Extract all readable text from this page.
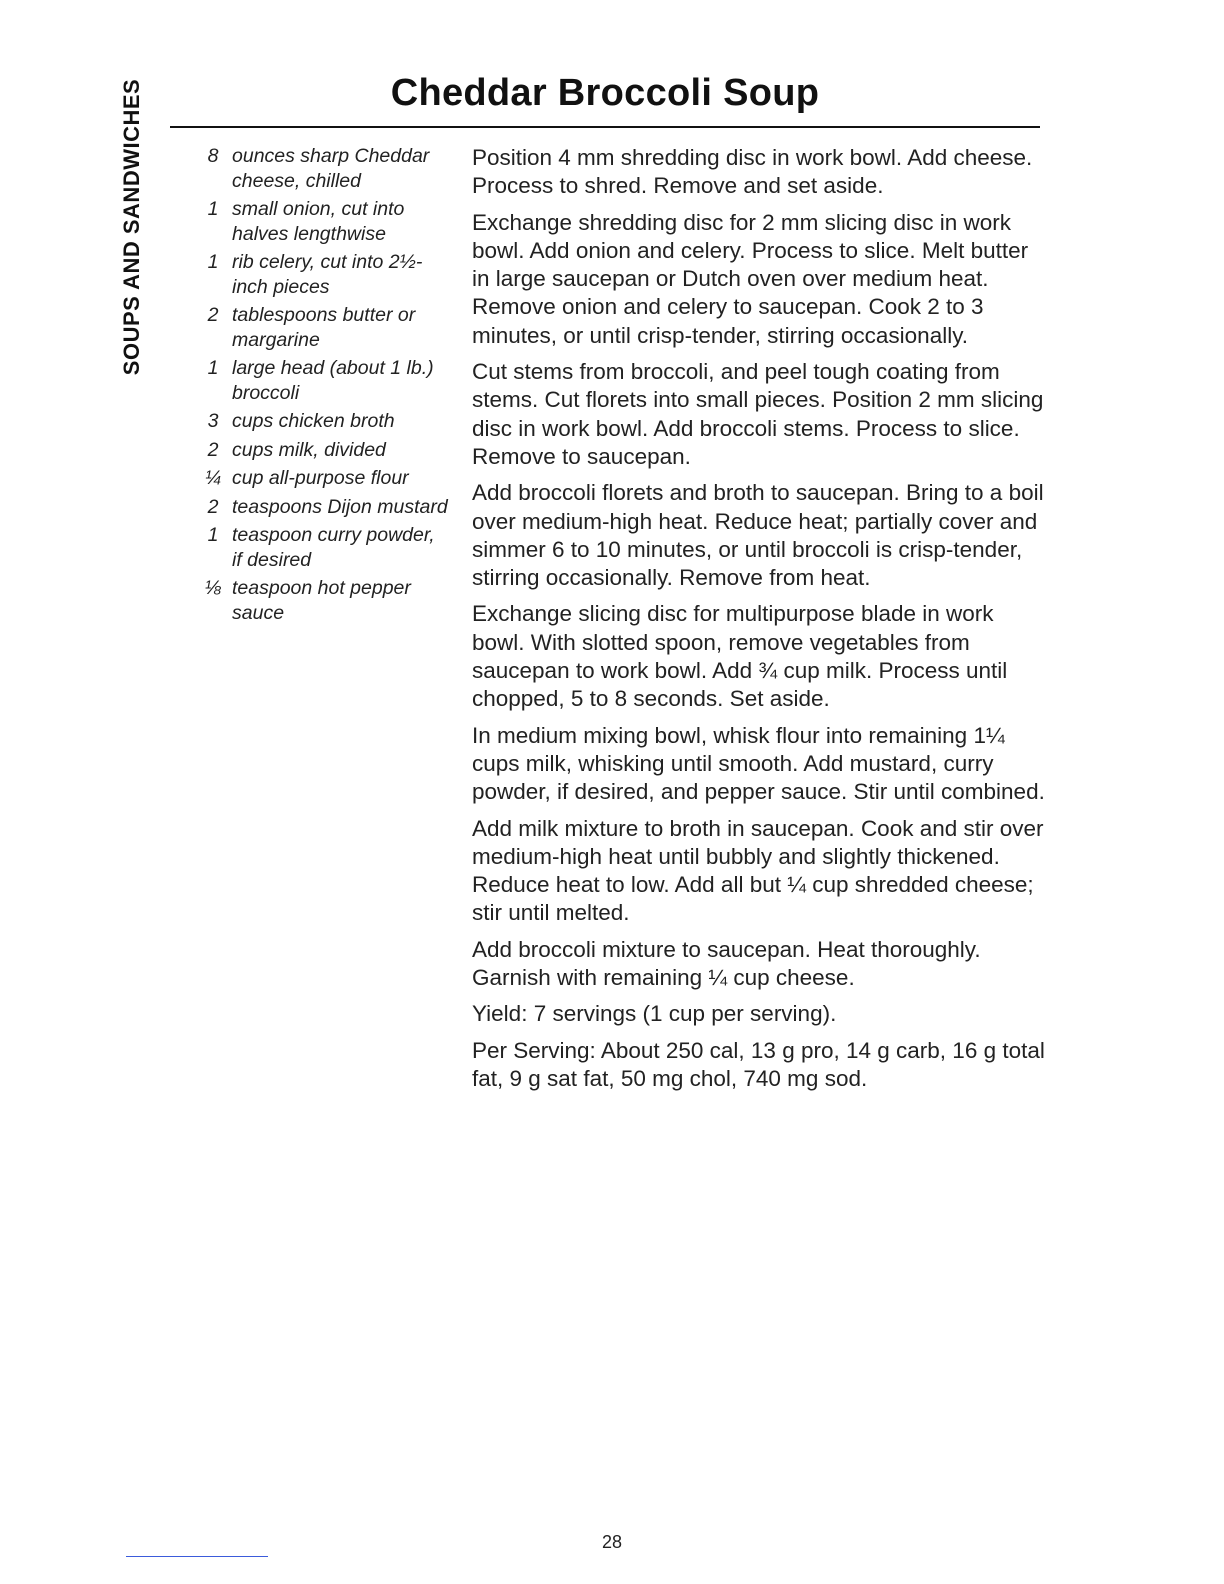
SOUPS AND SANDWICHES	Cheddar Broccoli Soup
8 ounces sharp Cheddar cheese, chilled
1 small onion, cut into halves lengthwise
1 rib celery, cut into 2½-inch pieces
2 tablespoons butter or margarine
1 large head (about 1 lb.) broccoli
3 cups chicken broth
2 cups milk, divided
¼ cup all-purpose flour
2 teaspoons Dijon mustard
1 teaspoon curry powder, if desired
⅛ teaspoon hot pepper sauce

Position 4 mm shredding disc in work bowl. Add cheese. Process to shred. Remove and set aside.

Exchange shredding disc for 2 mm slicing disc in work bowl. Add onion and celery. Process to slice. Melt butter in large saucepan or Dutch oven over medium heat. Remove onion and celery to saucepan. Cook 2 to 3 minutes, or until crisp-tender, stirring occasionally.

Cut stems from broccoli, and peel tough coating from stems. Cut florets into small pieces. Position 2 mm slicing disc in work bowl. Add broccoli stems. Process to slice. Remove to saucepan.

Add broccoli florets and broth to saucepan. Bring to a boil over medium-high heat. Reduce heat; partially cover and simmer 6 to 10 minutes, or until broccoli is crisp-tender, stirring occasionally. Remove from heat.

Exchange slicing disc for multipurpose blade in work bowl. With slotted spoon, remove vegetables from saucepan to work bowl. Add ¾ cup milk. Process until chopped, 5 to 8 seconds. Set aside.

In medium mixing bowl, whisk flour into remaining 1¼ cups milk, whisking until smooth. Add mustard, curry powder, if desired, and pepper sauce. Stir until combined.

Add milk mixture to broth in saucepan. Cook and stir over medium-high heat until bubbly and slightly thickened. Reduce heat to low. Add all but ¼ cup shredded cheese; stir until melted.

Add broccoli mixture to saucepan. Heat thoroughly. Garnish with remaining ¼ cup cheese.

Yield: 7 servings (1 cup per serving).

Per Serving: About 250 cal, 13 g pro, 14 g carb, 16 g total fat, 9 g sat fat, 50 mg chol, 740 mg sod.

28
